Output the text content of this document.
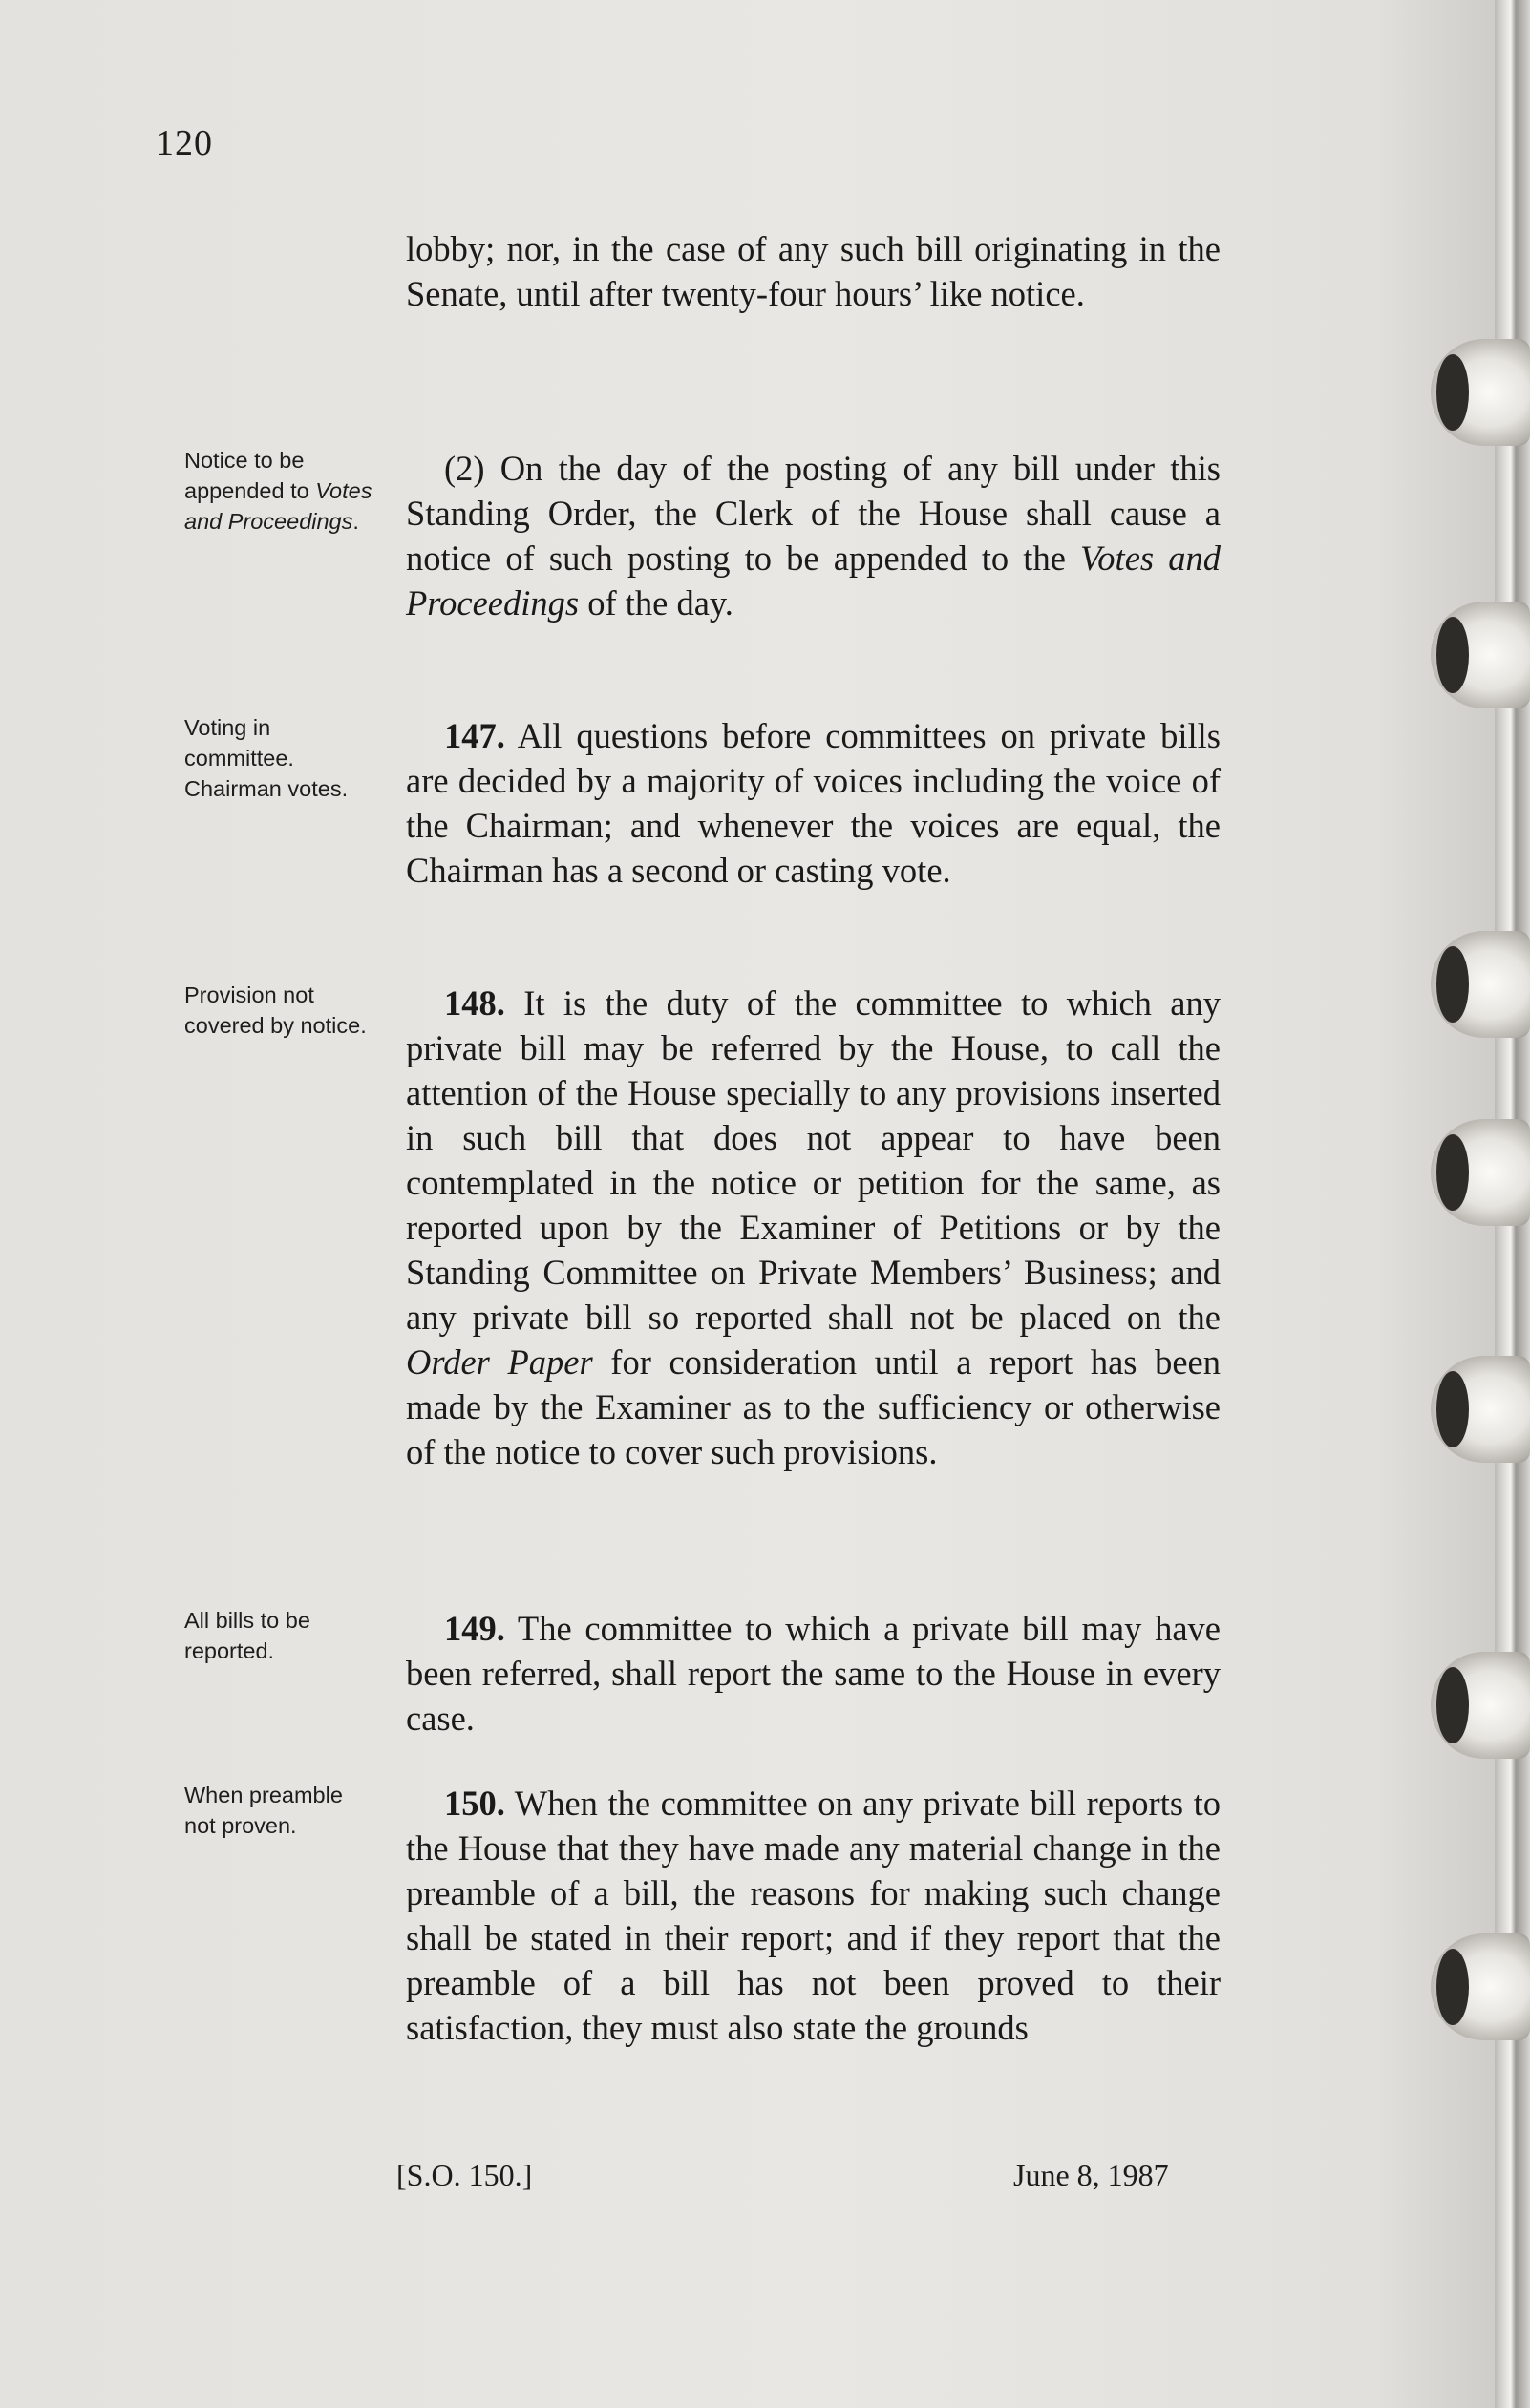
120
lobby; nor, in the case of any such bill originating in the Senate, until after twenty-four hours’ like notice.
Notice to be appended to Votes and Proceedings.
(2) On the day of the posting of any bill under this Standing Order, the Clerk of the House shall cause a notice of such posting to be appended to the Votes and Proceedings of the day.
Voting in committee. Chairman votes.
147. All questions before committees on private bills are decided by a majority of voices including the voice of the Chairman; and whenever the voices are equal, the Chairman has a second or casting vote.
Provision not covered by notice.
148. It is the duty of the committee to which any private bill may be referred by the House, to call the attention of the House specially to any provisions inserted in such bill that does not appear to have been contemplated in the notice or petition for the same, as reported upon by the Examiner of Petitions or by the Standing Committee on Private Members’ Business; and any private bill so reported shall not be placed on the Order Paper for consideration until a report has been made by the Examiner as to the sufficiency or otherwise of the notice to cover such provisions.
All bills to be reported.
149. The committee to which a private bill may have been referred, shall report the same to the House in every case.
When preamble not proven.
150. When the committee on any private bill reports to the House that they have made any material change in the preamble of a bill, the reasons for making such change shall be stated in their report; and if they report that the preamble of a bill has not been proved to their satisfaction, they must also state the grounds
[S.O. 150.]	June 8, 1987
